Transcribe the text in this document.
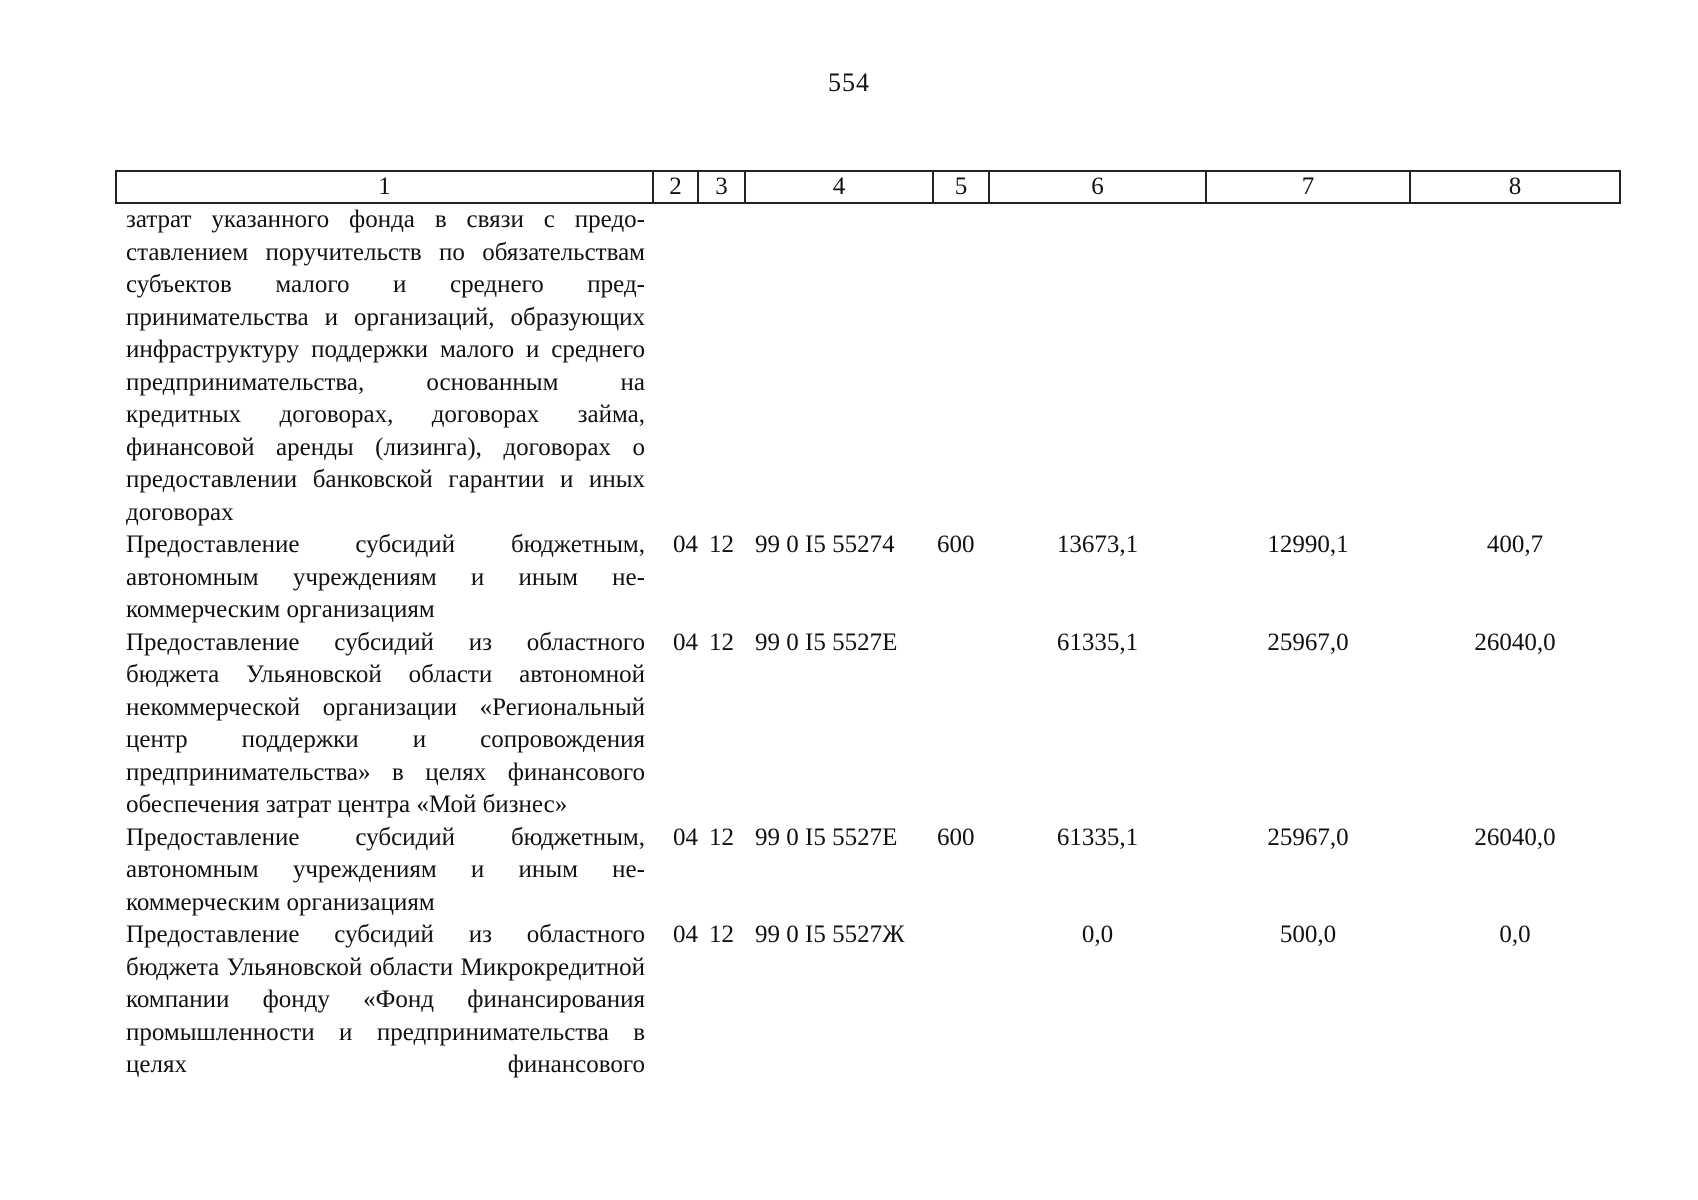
554
1	2	3	4	5	6	7	8
затрат указанного фонда в связи с предоставлением поручительств по обязательствам субъектов малого и среднего предпринимательства и организаций, образующих инфраструктуру поддержки малого и среднего предпринимательства, основанным на кредитных договорах, договорах займа, финансовой аренды (лизинга), договорах о предоставлении банковской гарантии и иных договорах							
Предоставление субсидий бюджетным, автономным учреждениям и иным некоммерческим организациям	04	12	99 0 I5 55274	600	13673,1	12990,1	400,7
Предоставление субсидий из областного бюджета Ульяновской области автономной некоммерческой организации «Региональный центр поддержки и сопровождения предпринимательства» в целях финансового обеспечения затрат центра «Мой бизнес»	04	12	99 0 I5 5527Е		61335,1	25967,0	26040,0
Предоставление субсидий бюджетным, автономным учреждениям и иным некоммерческим организациям	04	12	99 0 I5 5527Е	600	61335,1	25967,0	26040,0
Предоставление субсидий из областного бюджета Ульяновской области Микрокредитной компании фонду «Фонд финансирования промышленности и предпринимательства в целях финансового	04	12	99 0 I5 5527Ж		0,0	500,0	0,0
